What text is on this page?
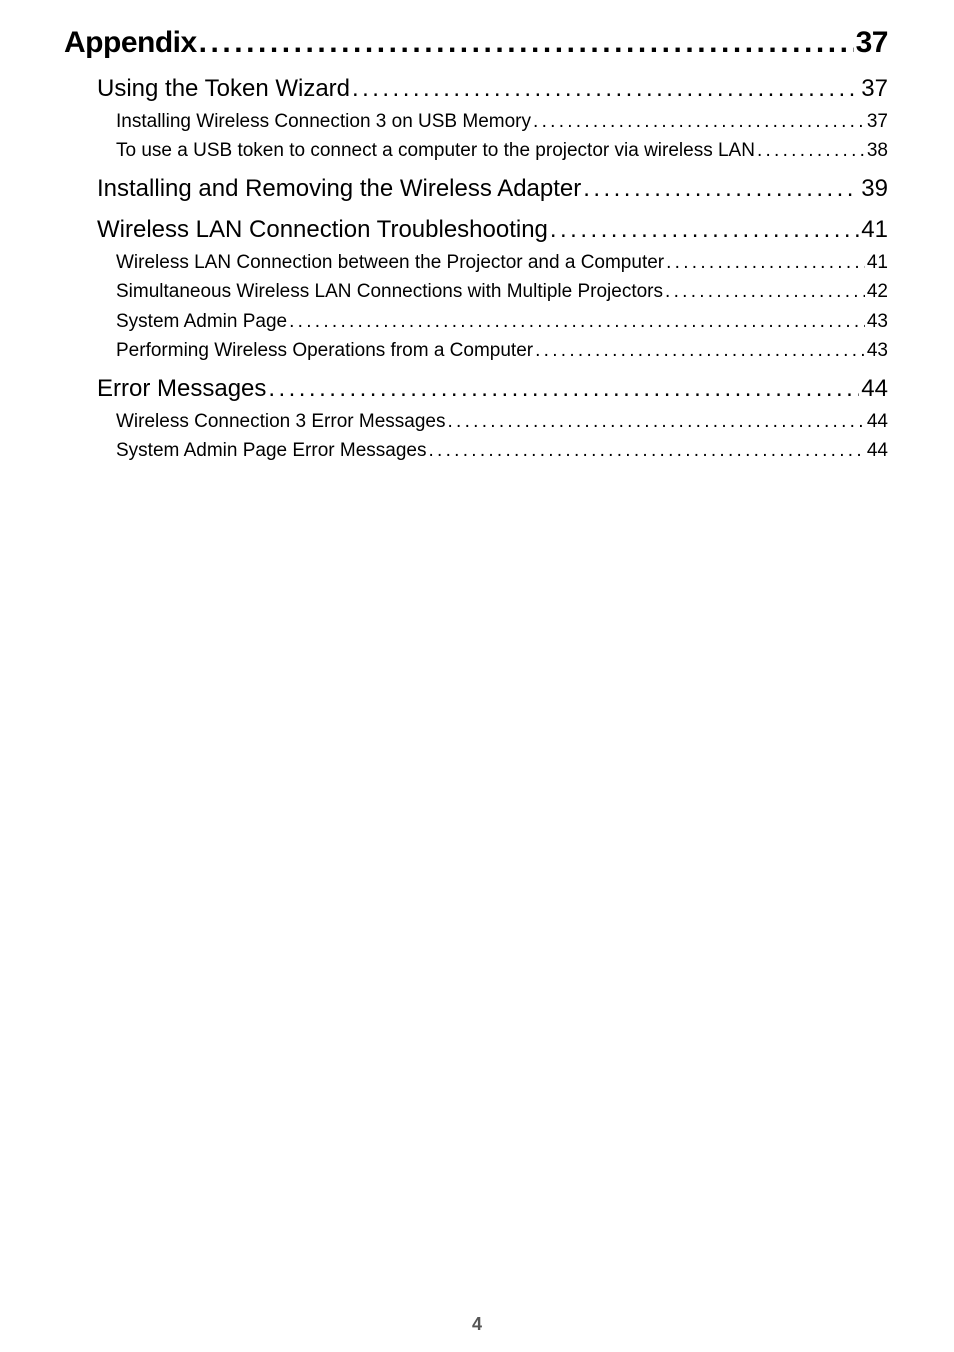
Appendix . . .	37
Using the Token Wizard . . .	37
Installing Wireless Connection 3 on USB Memory . . .	37
To use a USB token to connect a computer to the projector via wireless LAN . . .	38
Installing and Removing the Wireless Adapter . . .	39
Wireless LAN Connection Troubleshooting . . .	41
Wireless LAN Connection between the Projector and a Computer . . .	41
Simultaneous Wireless LAN Connections with Multiple Projectors . . .	42
System Admin Page . . .	43
Performing Wireless Operations from a Computer . . .	43
Error Messages . . .	44
Wireless Connection 3 Error Messages . . .	44
System Admin Page Error Messages . . .	44
4
